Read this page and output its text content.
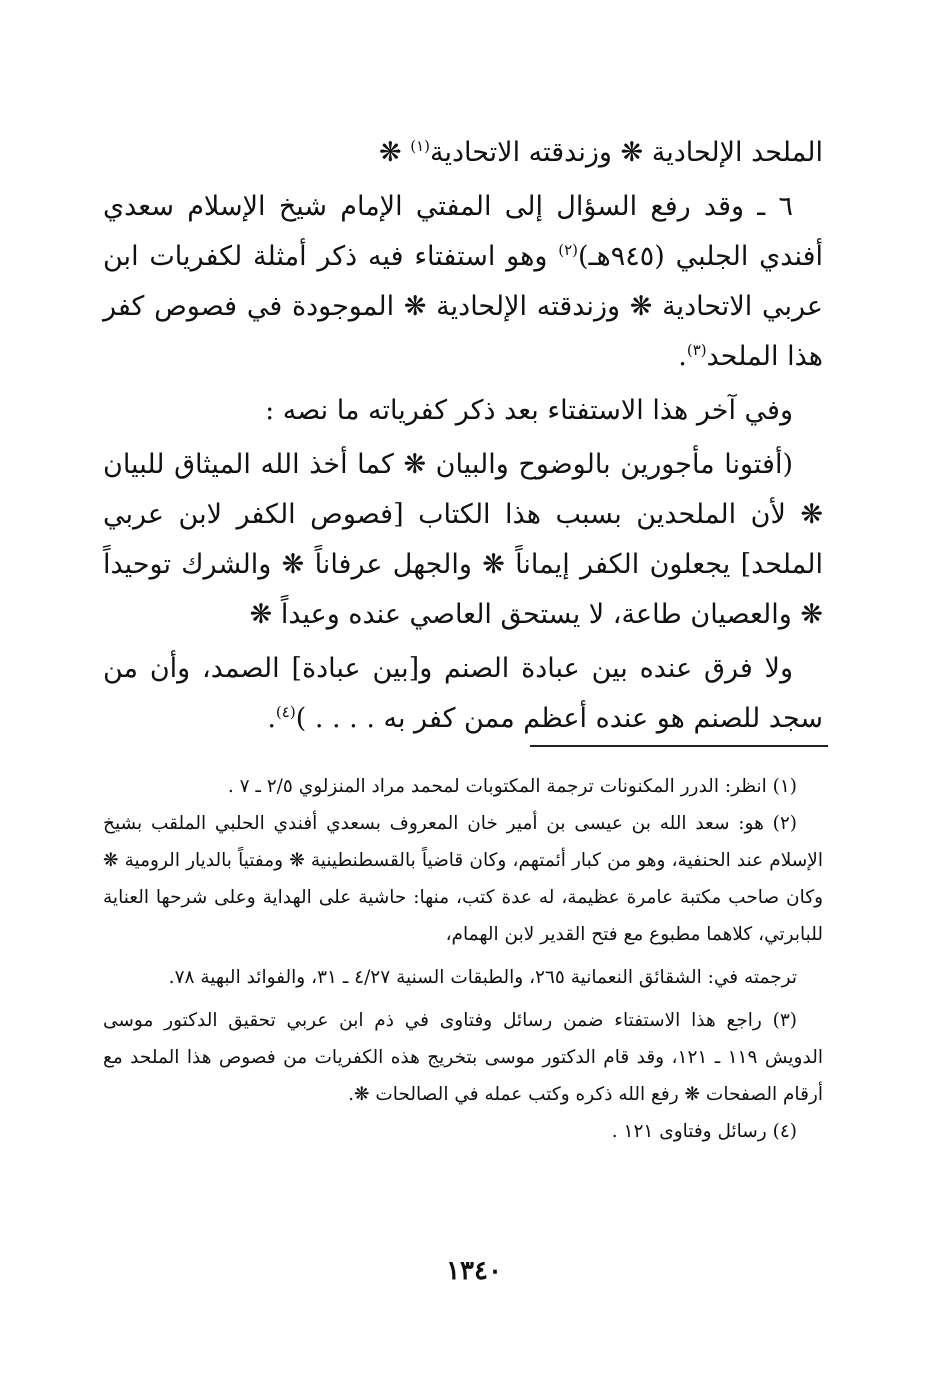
الملحد الإلحادية ❋ وزندقته الاتحادية$^{(١)}$ ❋

٦ ـ وقد رفع السؤال إلى المفتي الإمام شيخ الإسلام سعدي أفندي الجلبي (٩٤٥هـ)$^{(٢)}$ وهو استفتاء فيه ذكر أمثلة لكفريات ابن عربي الاتحادية ❋ وزندقته الإلحادية ❋ الموجودة في فصوص كفر هذا الملحد$^{(٣)}$.

وفي آخر هذا الاستفتاء بعد ذكر كفرياته ما نصه :

(أفتونا مأجورين بالوضوح والبيان ❋ كما أخذ الله الميثاق للبيان ❋ لأن الملحدين بسبب هذا الكتاب [فصوص الكفر لابن عربي الملحد] يجعلون الكفر إيماناً ❋ والجهل عرفاناً ❋ والشرك توحيداً ❋ والعصيان طاعة، لا يستحق العاصي عنده وعيداً ❋

ولا فرق عنده بين عبادة الصنم و[بين عبادة] الصمد، وأن من سجد للصنم هو عنده أعظم ممن كفر به . . . . )$^{(٤)}$.

(١) انظر: الدرر المكنونات ترجمة المكتوبات لمحمد مراد المنزلوي ٢/٥ ـ ٧ .

(٢) هو: سعد الله بن عيسى بن أمير خان المعروف بسعدي أفندي الحلبي الملقب بشيخ الإسلام عند الحنفية، وهو من كبار أئمتهم، وكان قاضياً بالقسطنطينية ❋ ومفتياً بالديار الرومية ❋ وكان صاحب مكتبة عامرة عظيمة، له عدة كتب، منها: حاشية على الهداية وعلى شرحها العناية للبابرتي، كلاهما مطبوع مع فتح القدير لابن الهمام،

ترجمته في: الشقائق النعمانية ٢٦٥، والطبقات السنية ٤/٢٧ ـ ٣١، والفوائد البهية ٧٨.

(٣) راجع هذا الاستفتاء ضمن رسائل وفتاوى في ذم ابن عربي تحقيق الدكتور موسى الدويش ١١٩ ـ ١٢١، وقد قام الدكتور موسى بتخريج هذه الكفريات من فصوص هذا الملحد مع أرقام الصفحات ❋ رفع الله ذكره وكتب عمله في الصالحات ❋.

(٤) رسائل وفتاوى ١٢١ .

١٣٤٠
